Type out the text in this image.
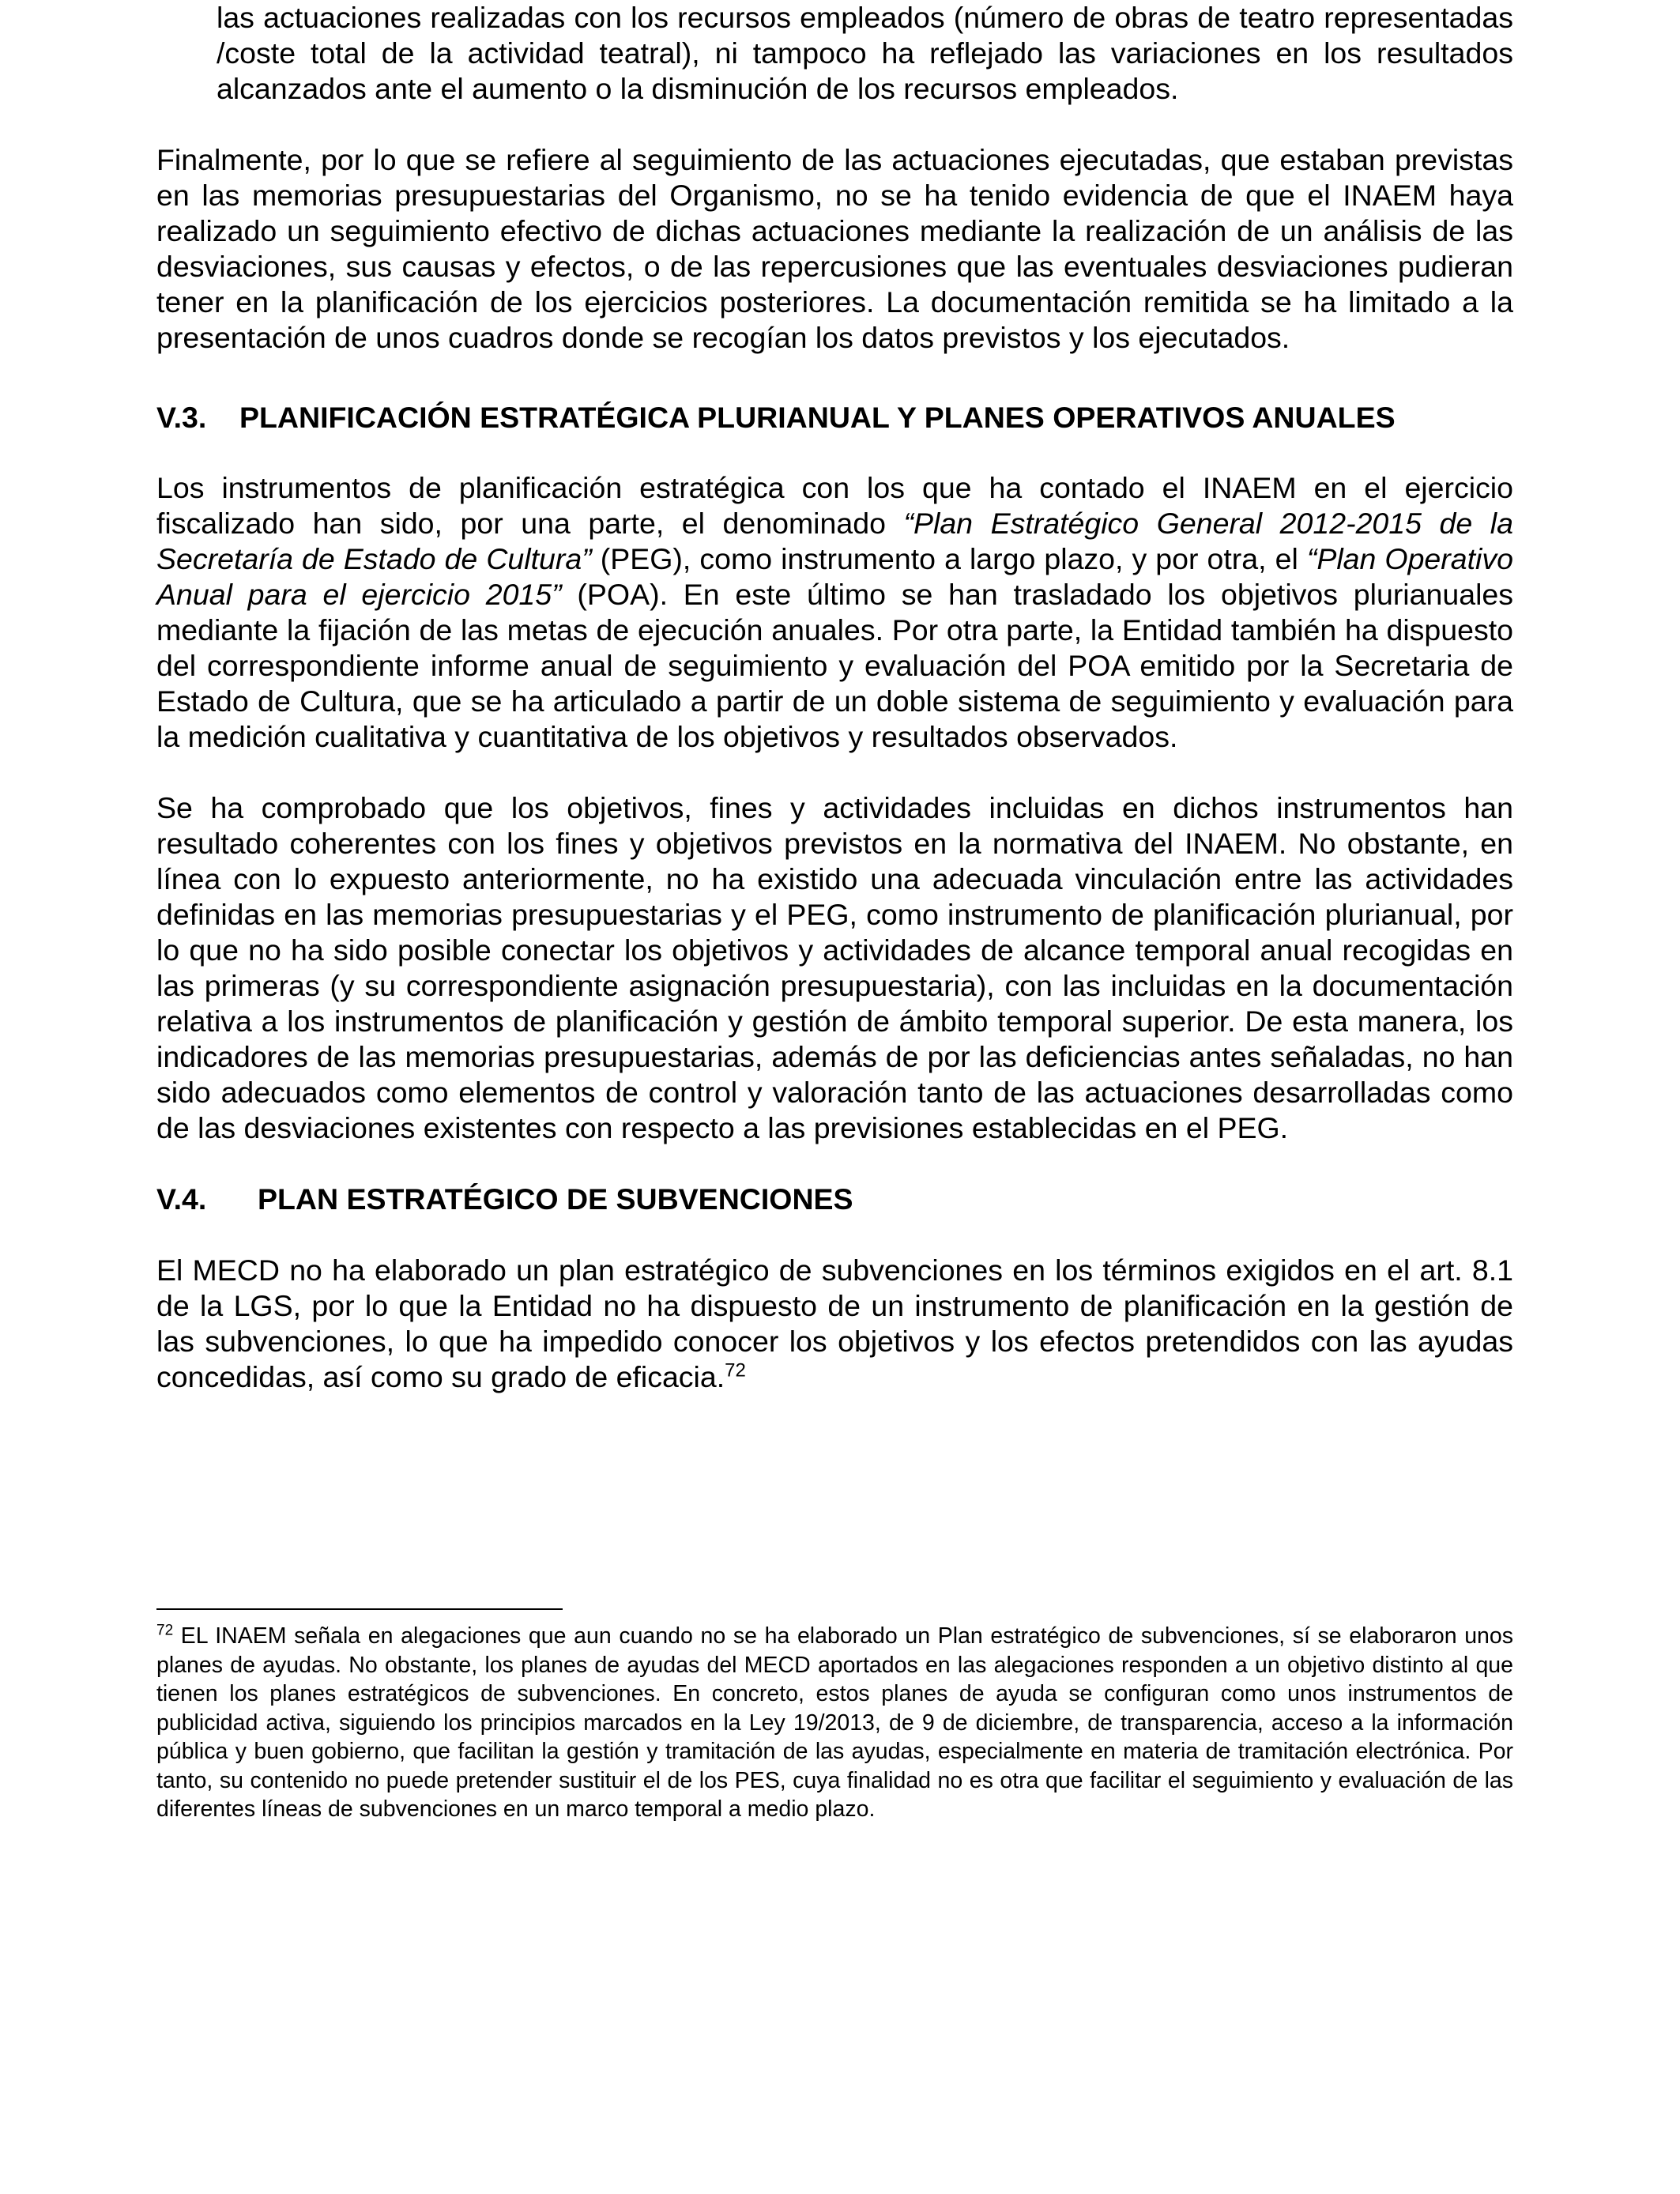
las actuaciones realizadas con los recursos empleados (número de obras de teatro representadas /coste total de la actividad teatral), ni tampoco ha reflejado las variaciones en los resultados alcanzados ante el aumento o la disminución de los recursos empleados.

Finalmente, por lo que se refiere al seguimiento de las actuaciones ejecutadas, que estaban previstas en las memorias presupuestarias del Organismo, no se ha tenido evidencia de que el INAEM haya realizado un seguimiento efectivo de dichas actuaciones mediante la realización de un análisis de las desviaciones, sus causas y efectos, o de las repercusiones que las eventuales desviaciones pudieran tener en la planificación de los ejercicios posteriores. La documentación remitida se ha limitado a la presentación de unos cuadros donde se recogían los datos previstos y los ejecutados.

V.3.	PLANIFICACIÓN ESTRATÉGICA PLURIANUAL Y PLANES OPERATIVOS ANUALES

Los instrumentos de planificación estratégica con los que ha contado el INAEM en el ejercicio fiscalizado han sido, por una parte, el denominado “Plan Estratégico General 2012-2015 de la Secretaría de Estado de Cultura” (PEG), como instrumento a largo plazo, y por otra, el “Plan Operativo Anual para el ejercicio 2015” (POA). En este último se han trasladado los objetivos plurianuales mediante la fijación de las metas de ejecución anuales. Por otra parte, la Entidad también ha dispuesto del correspondiente informe anual de seguimiento y evaluación del POA emitido por la Secretaria de Estado de Cultura, que se ha articulado a partir de un doble sistema de seguimiento y evaluación para la medición cualitativa y cuantitativa de los objetivos y resultados observados.

Se ha comprobado que los objetivos, fines y actividades incluidas en dichos instrumentos han resultado coherentes con los fines y objetivos previstos en la normativa del INAEM. No obstante, en línea con lo expuesto anteriormente, no ha existido una adecuada vinculación entre las actividades definidas en las memorias presupuestarias y el PEG, como instrumento de planificación plurianual, por lo que no ha sido posible conectar los objetivos y actividades de alcance temporal anual recogidas en las primeras (y su correspondiente asignación presupuestaria), con las incluidas en la documentación relativa a los instrumentos de planificación y gestión de ámbito temporal superior. De esta manera, los indicadores de las memorias presupuestarias, además de por las deficiencias antes señaladas, no han sido adecuados como elementos de control y valoración tanto de las actuaciones desarrolladas como de las desviaciones existentes con respecto a las previsiones establecidas en el PEG.

V.4.	PLAN ESTRATÉGICO DE SUBVENCIONES

El MECD no ha elaborado un plan estratégico de subvenciones en los términos exigidos en el art. 8.1 de la LGS, por lo que la Entidad no ha dispuesto de un instrumento de planificación en la gestión de las subvenciones, lo que ha impedido conocer los objetivos y los efectos pretendidos con las ayudas concedidas, así como su grado de eficacia.$^{72}$

$^{72}$ EL INAEM señala en alegaciones que aun cuando no se ha elaborado un Plan estratégico de subvenciones, sí se elaboraron unos planes de ayudas. No obstante, los planes de ayudas del MECD aportados en las alegaciones responden a un objetivo distinto al que tienen los planes estratégicos de subvenciones. En concreto, estos planes de ayuda se configuran como unos instrumentos de publicidad activa, siguiendo los principios marcados en la Ley 19/2013, de 9 de diciembre, de transparencia, acceso a la información pública y buen gobierno, que facilitan la gestión y tramitación de las ayudas, especialmente en materia de tramitación electrónica. Por tanto, su contenido no puede pretender sustituir el de los PES, cuya finalidad no es otra que facilitar el seguimiento y evaluación de las diferentes líneas de subvenciones en un marco temporal a medio plazo.
